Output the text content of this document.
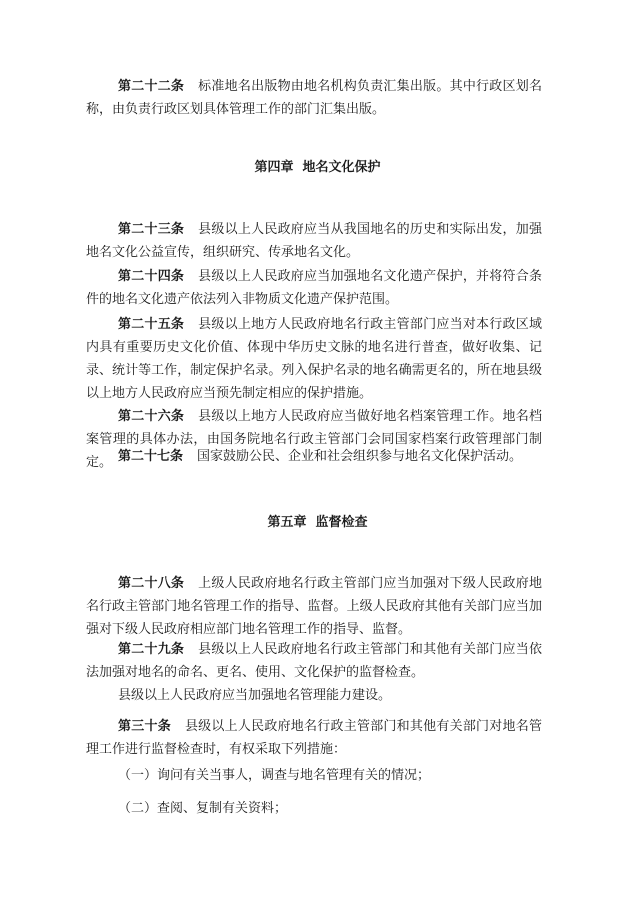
第二十二条 标准地名出版物由地名机构负责汇集出版。其中行政区划名称，由负责行政区划具体管理工作的部门汇集出版。

第四章 地名文化保护

第二十三条 县级以上人民政府应当从我国地名的历史和实际出发，加强地名文化公益宣传，组织研究、传承地名文化。

第二十四条 县级以上人民政府应当加强地名文化遗产保护，并将符合条件的地名文化遗产依法列入非物质文化遗产保护范围。

第二十五条 县级以上地方人民政府地名行政主管部门应当对本行政区域内具有重要历史文化价值、体现中华历史文脉的地名进行普查，做好收集、记录、统计等工作，制定保护名录。列入保护名录的地名确需更名的，所在地县级以上地方人民政府应当预先制定相应的保护措施。

第二十六条 县级以上地方人民政府应当做好地名档案管理工作。地名档案管理的具体办法，由国务院地名行政主管部门会同国家档案行政管理部门制定。 第二十七条 国家鼓励公民、企业和社会组织参与地名文化保护活动。

第五章 监督检查

第二十八条 上级人民政府地名行政主管部门应当加强对下级人民政府地名行政主管部门地名管理工作的指导、监督。上级人民政府其他有关部门应当加强对下级人民政府相应部门地名管理工作的指导、监督。

第二十九条 县级以上人民政府地名行政主管部门和其他有关部门应当依法加强对地名的命名、更名、使用、文化保护的监督检查。

县级以上人民政府应当加强地名管理能力建设。

第三十条 县级以上人民政府地名行政主管部门和其他有关部门对地名管理工作进行监督检查时，有权采取下列措施：

（一）询问有关当事人，调查与地名管理有关的情况；

（二）查阅、复制有关资料；
